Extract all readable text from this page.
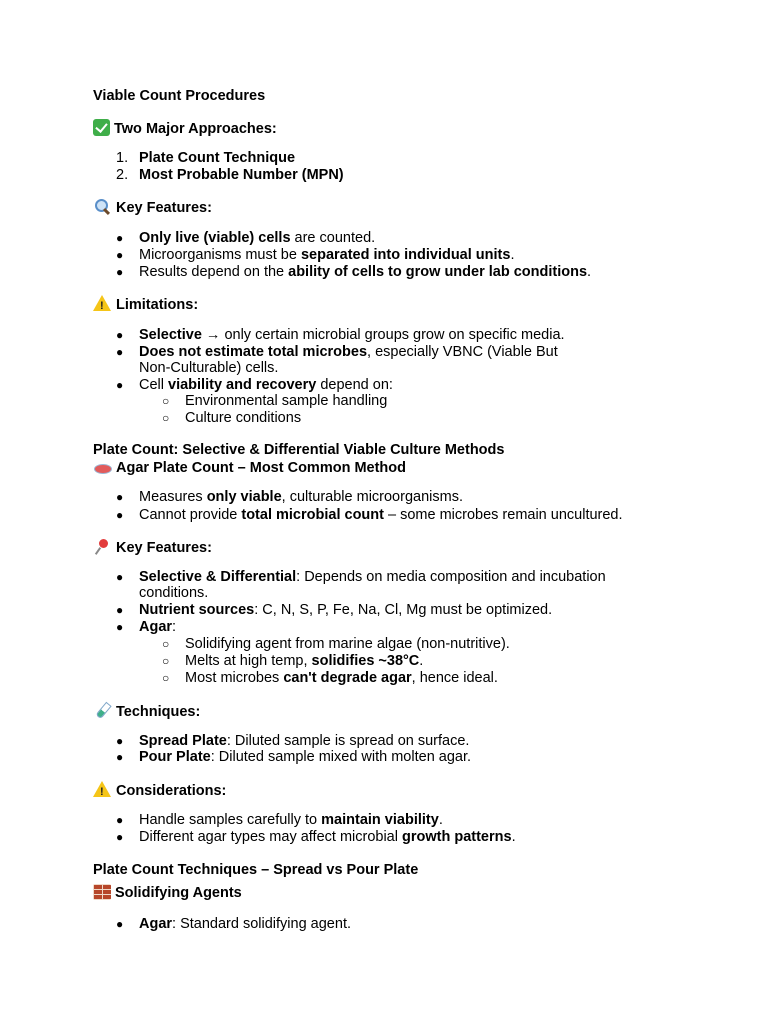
Viable Count Procedures
Two Major Approaches:
1. Plate Count Technique
2. Most Probable Number (MPN)
Key Features:
● Only live (viable) cells are counted.
● Microorganisms must be separated into individual units.
● Results depend on the ability of cells to grow under lab conditions.
!Limitations:
● Selective → only certain microbial groups grow on specific media.
● Does not estimate total microbes, especially VBNC (Viable But
Non-Culturable) cells.
● Cell viability and recovery depend on:
○ Environmental sample handling
○ Culture conditions
Plate Count: Selective & Differential Viable Culture Methods
Agar Plate Count – Most Common Method
● Measures only viable, culturable microorganisms.
● Cannot provide total microbial count – some microbes remain uncultured.
Key Features:
● Selective & Differential: Depends on media composition and incubation
conditions.
● Nutrient sources: C, N, S, P, Fe, Na, Cl, Mg must be optimized.
● Agar:
○ Solidifying agent from marine algae (non-nutritive).
○ Melts at high temp, solidifies ~38°C.
○ Most microbes can't degrade agar, hence ideal.
Techniques:
● Spread Plate: Diluted sample is spread on surface.
● Pour Plate: Diluted sample mixed with molten agar.
!Considerations:
● Handle samples carefully to maintain viability.
● Different agar types may affect microbial growth patterns.
Plate Count Techniques – Spread vs Pour Plate
Solidifying Agents
● Agar: Standard solidifying agent.
